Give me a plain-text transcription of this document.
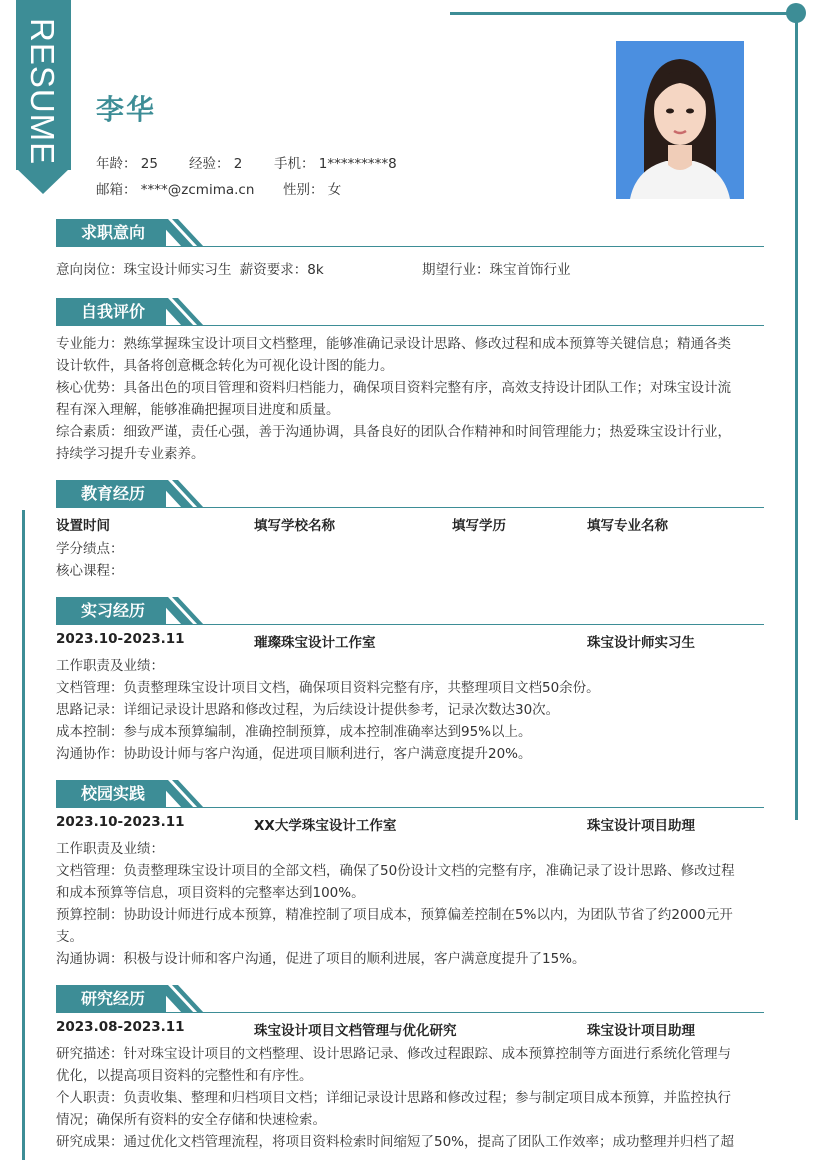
RESUME 李华
年龄： 25 经验： 2 手机： 1*********8
邮箱： ****@zcmima.cn 性别： 女
求职意向
意向岗位：珠宝设计师实习生 薪资要求：8k	期望行业：珠宝首饰行业
自我评价
专业能力：熟练掌握珠宝设计项目文档整理，能够准确记录设计思路、修改过程和成本预算等关键信息；精通各类
设计软件，具备将创意概念转化为可视化设计图的能力。
核心优势：具备出色的项目管理和资料归档能力，确保项目资料完整有序，高效支持设计团队工作；对珠宝设计流
程有深入理解，能够准确把握项目进度和质量。
综合素质：细致严谨，责任心强，善于沟通协调，具备良好的团队合作精神和时间管理能力；热爱珠宝设计行业，
持续学习提升专业素养。
教育经历
设置时间	填写学校名称	填写学历	填写专业名称
学分绩点：
核心课程：
实习经历
2023.10-2023.11	璀璨珠宝设计工作室	珠宝设计师实习生
工作职责及业绩：
文档管理：负责整理珠宝设计项目文档，确保项目资料完整有序，共整理项目文档50余份。
思路记录：详细记录设计思路和修改过程，为后续设计提供参考，记录次数达30次。
成本控制：参与成本预算编制，准确控制预算，成本控制准确率达到95%以上。
沟通协作：协助设计师与客户沟通，促进项目顺利进行，客户满意度提升20%。
校园实践
2023.10-2023.11	XX大学珠宝设计工作室	珠宝设计项目助理
工作职责及业绩：
文档管理：负责整理珠宝设计项目的全部文档，确保了50份设计文档的完整有序，准确记录了设计思路、修改过程
和成本预算等信息，项目资料的完整率达到100%。
预算控制：协助设计师进行成本预算，精准控制了项目成本，预算偏差控制在5%以内，为团队节省了约2000元开
支。
沟通协调：积极与设计师和客户沟通，促进了项目的顺利进展，客户满意度提升了15%。
研究经历
2023.08-2023.11	珠宝设计项目文档管理与优化研究	珠宝设计项目助理
研究描述：针对珠宝设计项目的文档整理、设计思路记录、修改过程跟踪、成本预算控制等方面进行系统化管理与
优化，以提高项目资料的完整性和有序性。
个人职责：负责收集、整理和归档项目文档；详细记录设计思路和修改过程；参与制定项目成本预算，并监控执行
情况；确保所有资料的安全存储和快速检索。
研究成果：通过优化文档管理流程，将项目资料检索时间缩短了50%，提高了团队工作效率；成功整理并归档了超
